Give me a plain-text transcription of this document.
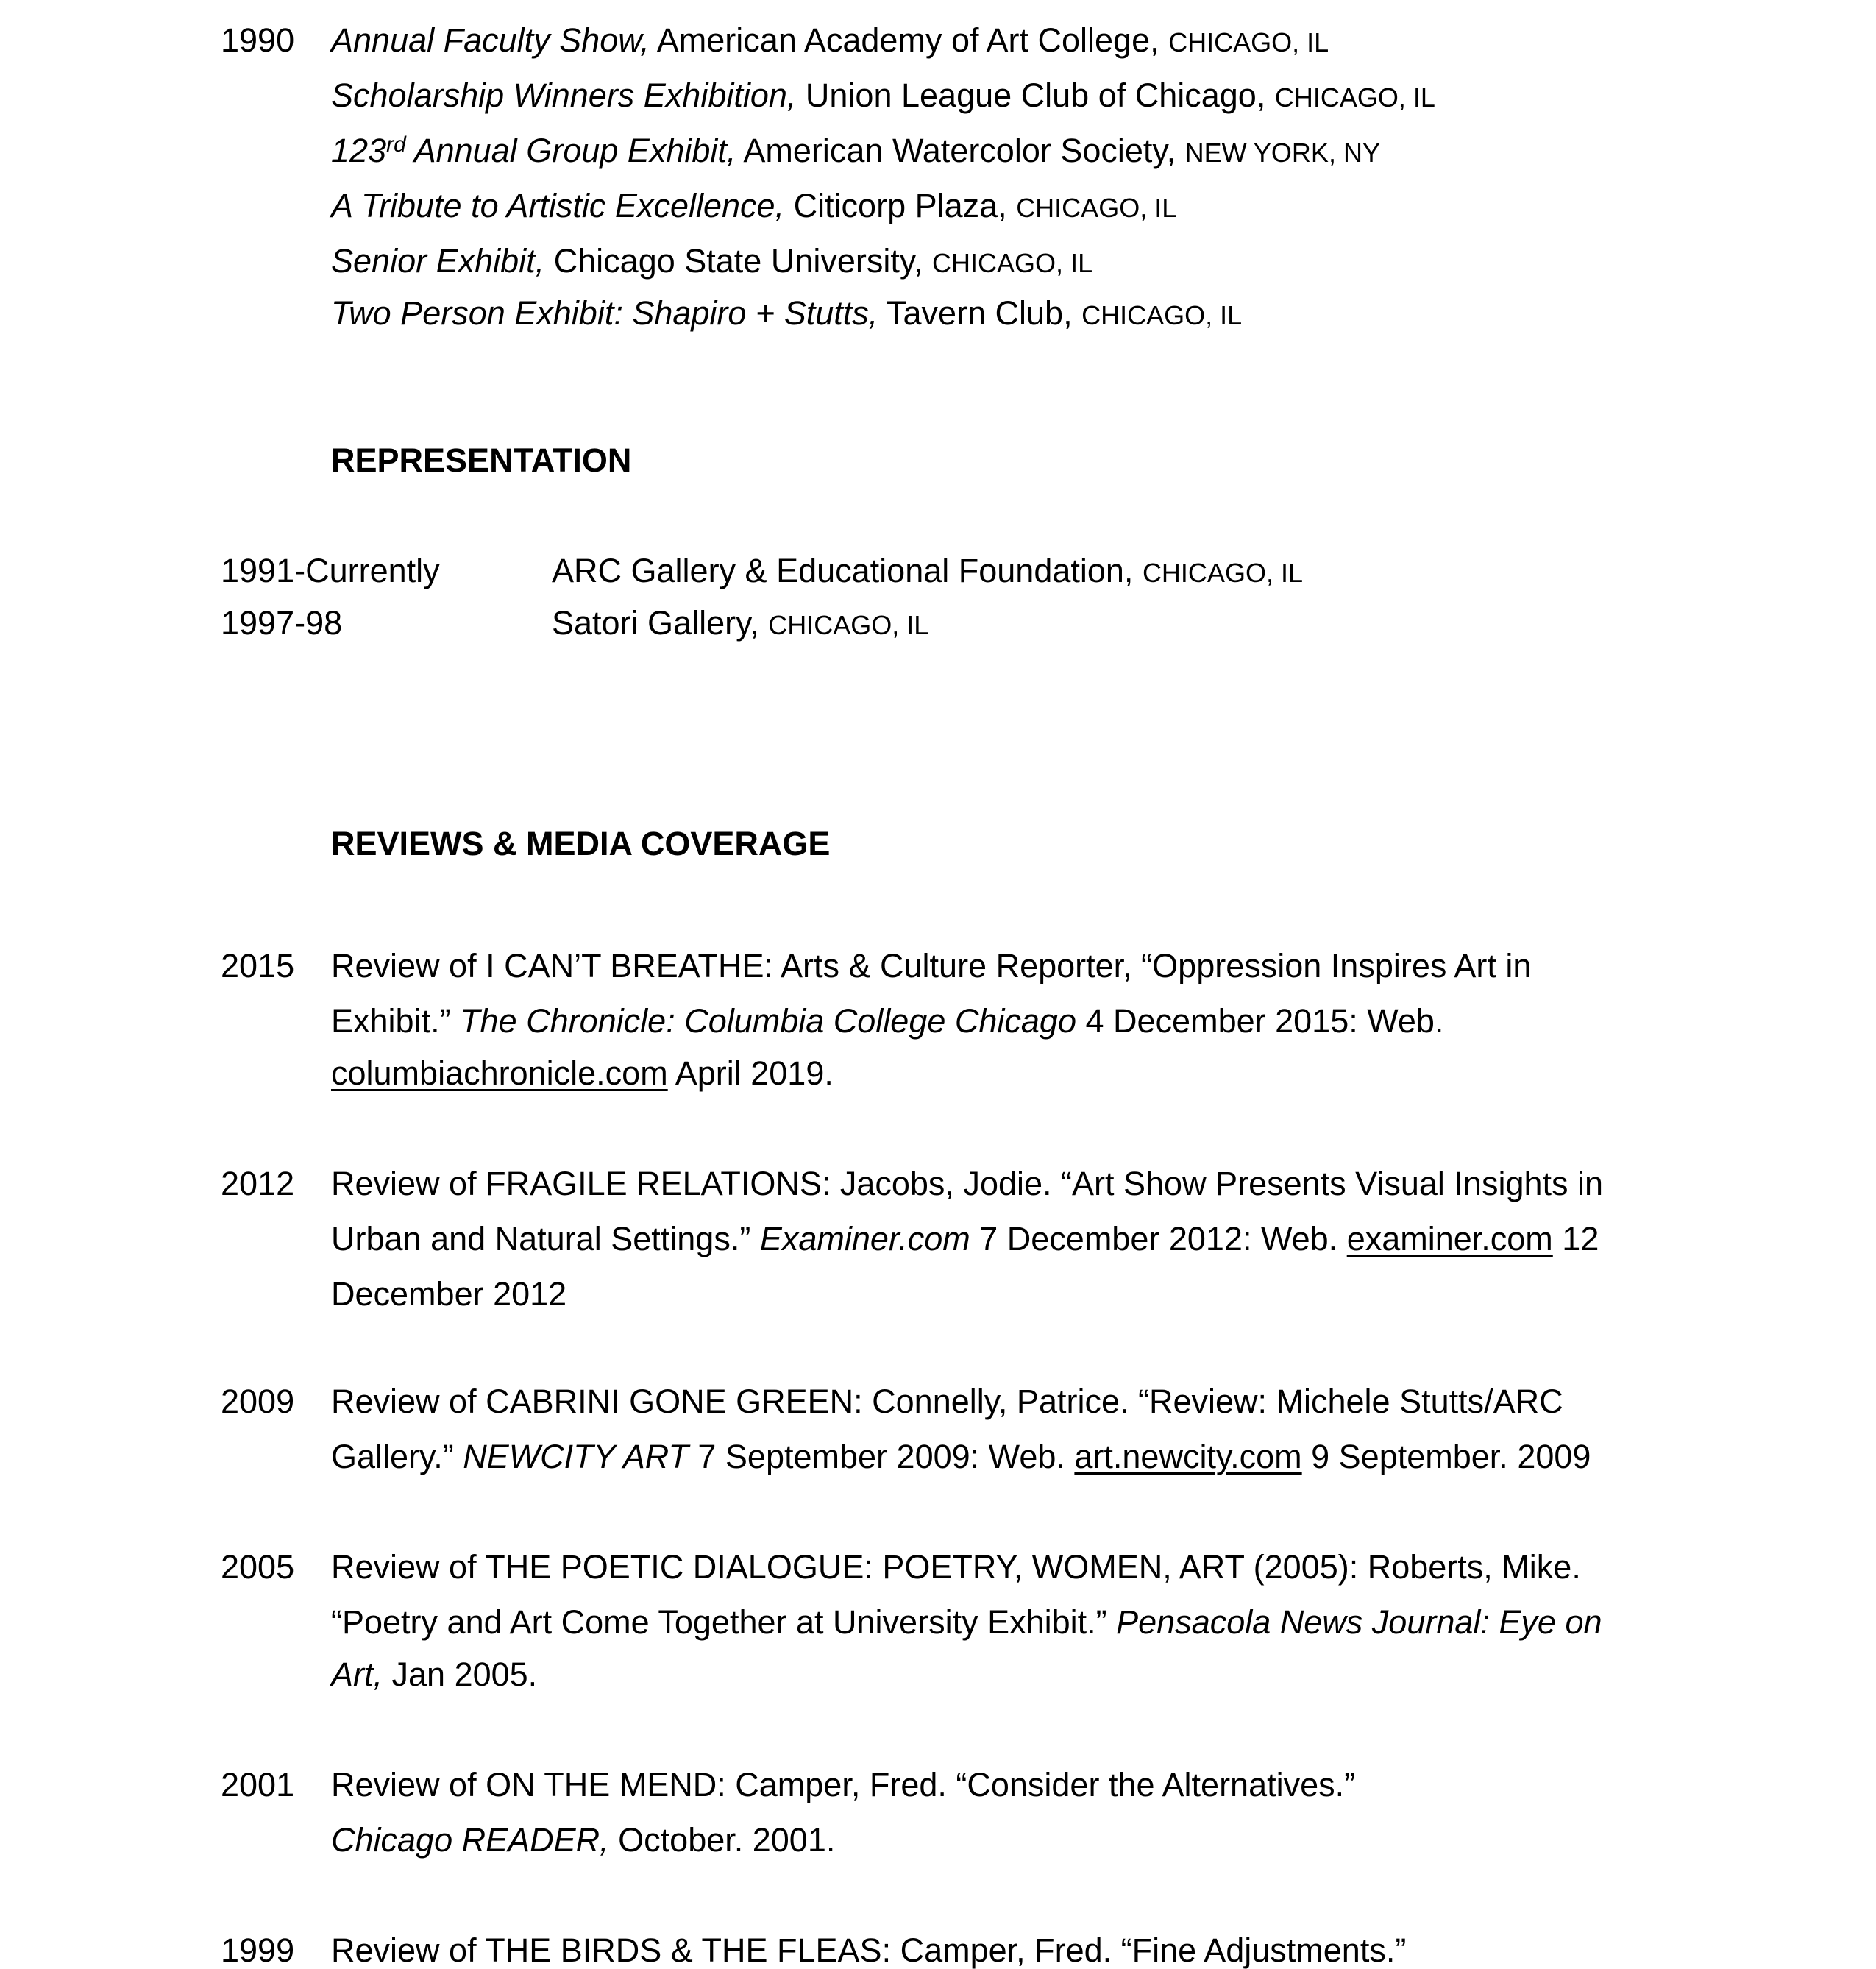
1990 Annual Faculty Show, American Academy of Art College, CHICAGO, IL
Scholarship Winners Exhibition, Union League Club of Chicago, CHICAGO, IL
123rd Annual Group Exhibit, American Watercolor Society, NEW YORK, NY
A Tribute to Artistic Excellence, Citicorp Plaza, CHICAGO, IL
Senior Exhibit, Chicago State University, CHICAGO, IL
Two Person Exhibit: Shapiro + Stutts, Tavern Club, CHICAGO, IL
REPRESENTATION
1991-Currently	ARC Gallery & Educational Foundation, CHICAGO, IL
1997-98	Satori Gallery, CHICAGO, IL
REVIEWS & MEDIA COVERAGE
2015 Review of I CAN’T BREATHE: Arts & Culture Reporter, “Oppression Inspires Art in
Exhibit.” The Chronicle: Columbia College Chicago 4 December 2015: Web.
columbiachronicle.com April 2019.
2012 Review of FRAGILE RELATIONS: Jacobs, Jodie. “Art Show Presents Visual Insights in
Urban and Natural Settings.” Examiner.com 7 December 2012: Web. examiner.com 12
December 2012
2009 Review of CABRINI GONE GREEN: Connelly, Patrice. “Review: Michele Stutts/ARC
Gallery.” NEWCITY ART 7 September 2009: Web. art.newcity.com 9 September. 2009
2005 Review of THE POETIC DIALOGUE: POETRY, WOMEN, ART (2005): Roberts, Mike.
“Poetry and Art Come Together at University Exhibit.” Pensacola News Journal: Eye on
Art, Jan 2005.
2001 Review of ON THE MEND: Camper, Fred. “Consider the Alternatives.”
Chicago READER, October. 2001.
1999 Review of THE BIRDS & THE FLEAS: Camper, Fred. “Fine Adjustments.”
